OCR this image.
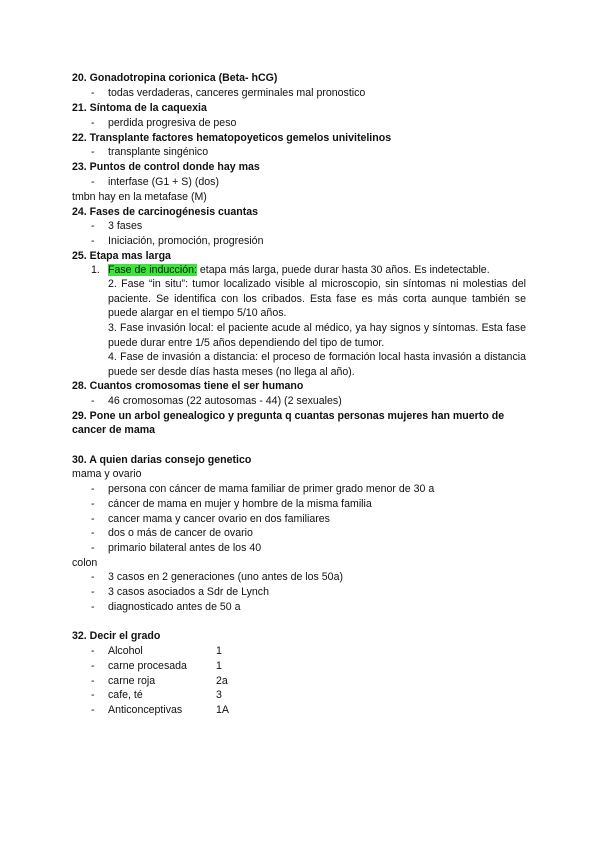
20. Gonadotropina corionica (Beta- hCG)
- todas verdaderas, canceres germinales mal pronostico
21. Síntoma de la caquexia
- perdida progresiva de peso
22. Transplante factores hematopoyeticos gemelos univitelinos
- transplante singénico
23. Puntos de control donde hay mas
- interfase (G1 + S) (dos)
tmbn hay en la metafase (M)
24. Fases de carcinogénesis cuantas
- 3 fases
- Iniciación, promoción, progresión
25. Etapa mas larga
1. Fase de inducción: etapa más larga, puede durar hasta 30 años. Es indetectable.
2. Fase “in situ”: tumor localizado visible al microscopio, sin síntomas ni molestias del paciente. Se identifica con los cribados. Esta fase es más corta aunque también se puede alargar en el tiempo 5/10 años.
3. Fase invasión local: el paciente acude al médico, ya hay signos y síntomas. Esta fase puede durar entre 1/5 años dependiendo del tipo de tumor.
4. Fase de invasión a distancia: el proceso de formación local hasta invasión a distancia puede ser desde días hasta meses (no llega al año).
28. Cuantos cromosomas tiene el ser humano
- 46 cromosomas (22 autosomas - 44) (2 sexuales)
29. Pone un arbol genealogico y pregunta q cuantas personas mujeres han muerto de
cancer de mama
30. A quien darias consejo genetico
mama y ovario
- persona con cáncer de mama familiar de primer grado menor de 30 a
- cáncer de mama en mujer y hombre de la misma familia
- cancer mama y cancer ovario en dos familiares
- dos o más de cancer de ovario
- primario bilateral antes de los 40
colon
- 3 casos en 2 generaciones (uno antes de los 50a)
- 3 casos asociados a Sdr de Lynch
- diagnosticado antes de 50 a
32. Decir el grado
- Alcohol	1
- carne procesada	1
- carne roja	2a
- cafe, té	3
- Anticonceptivas	1A
